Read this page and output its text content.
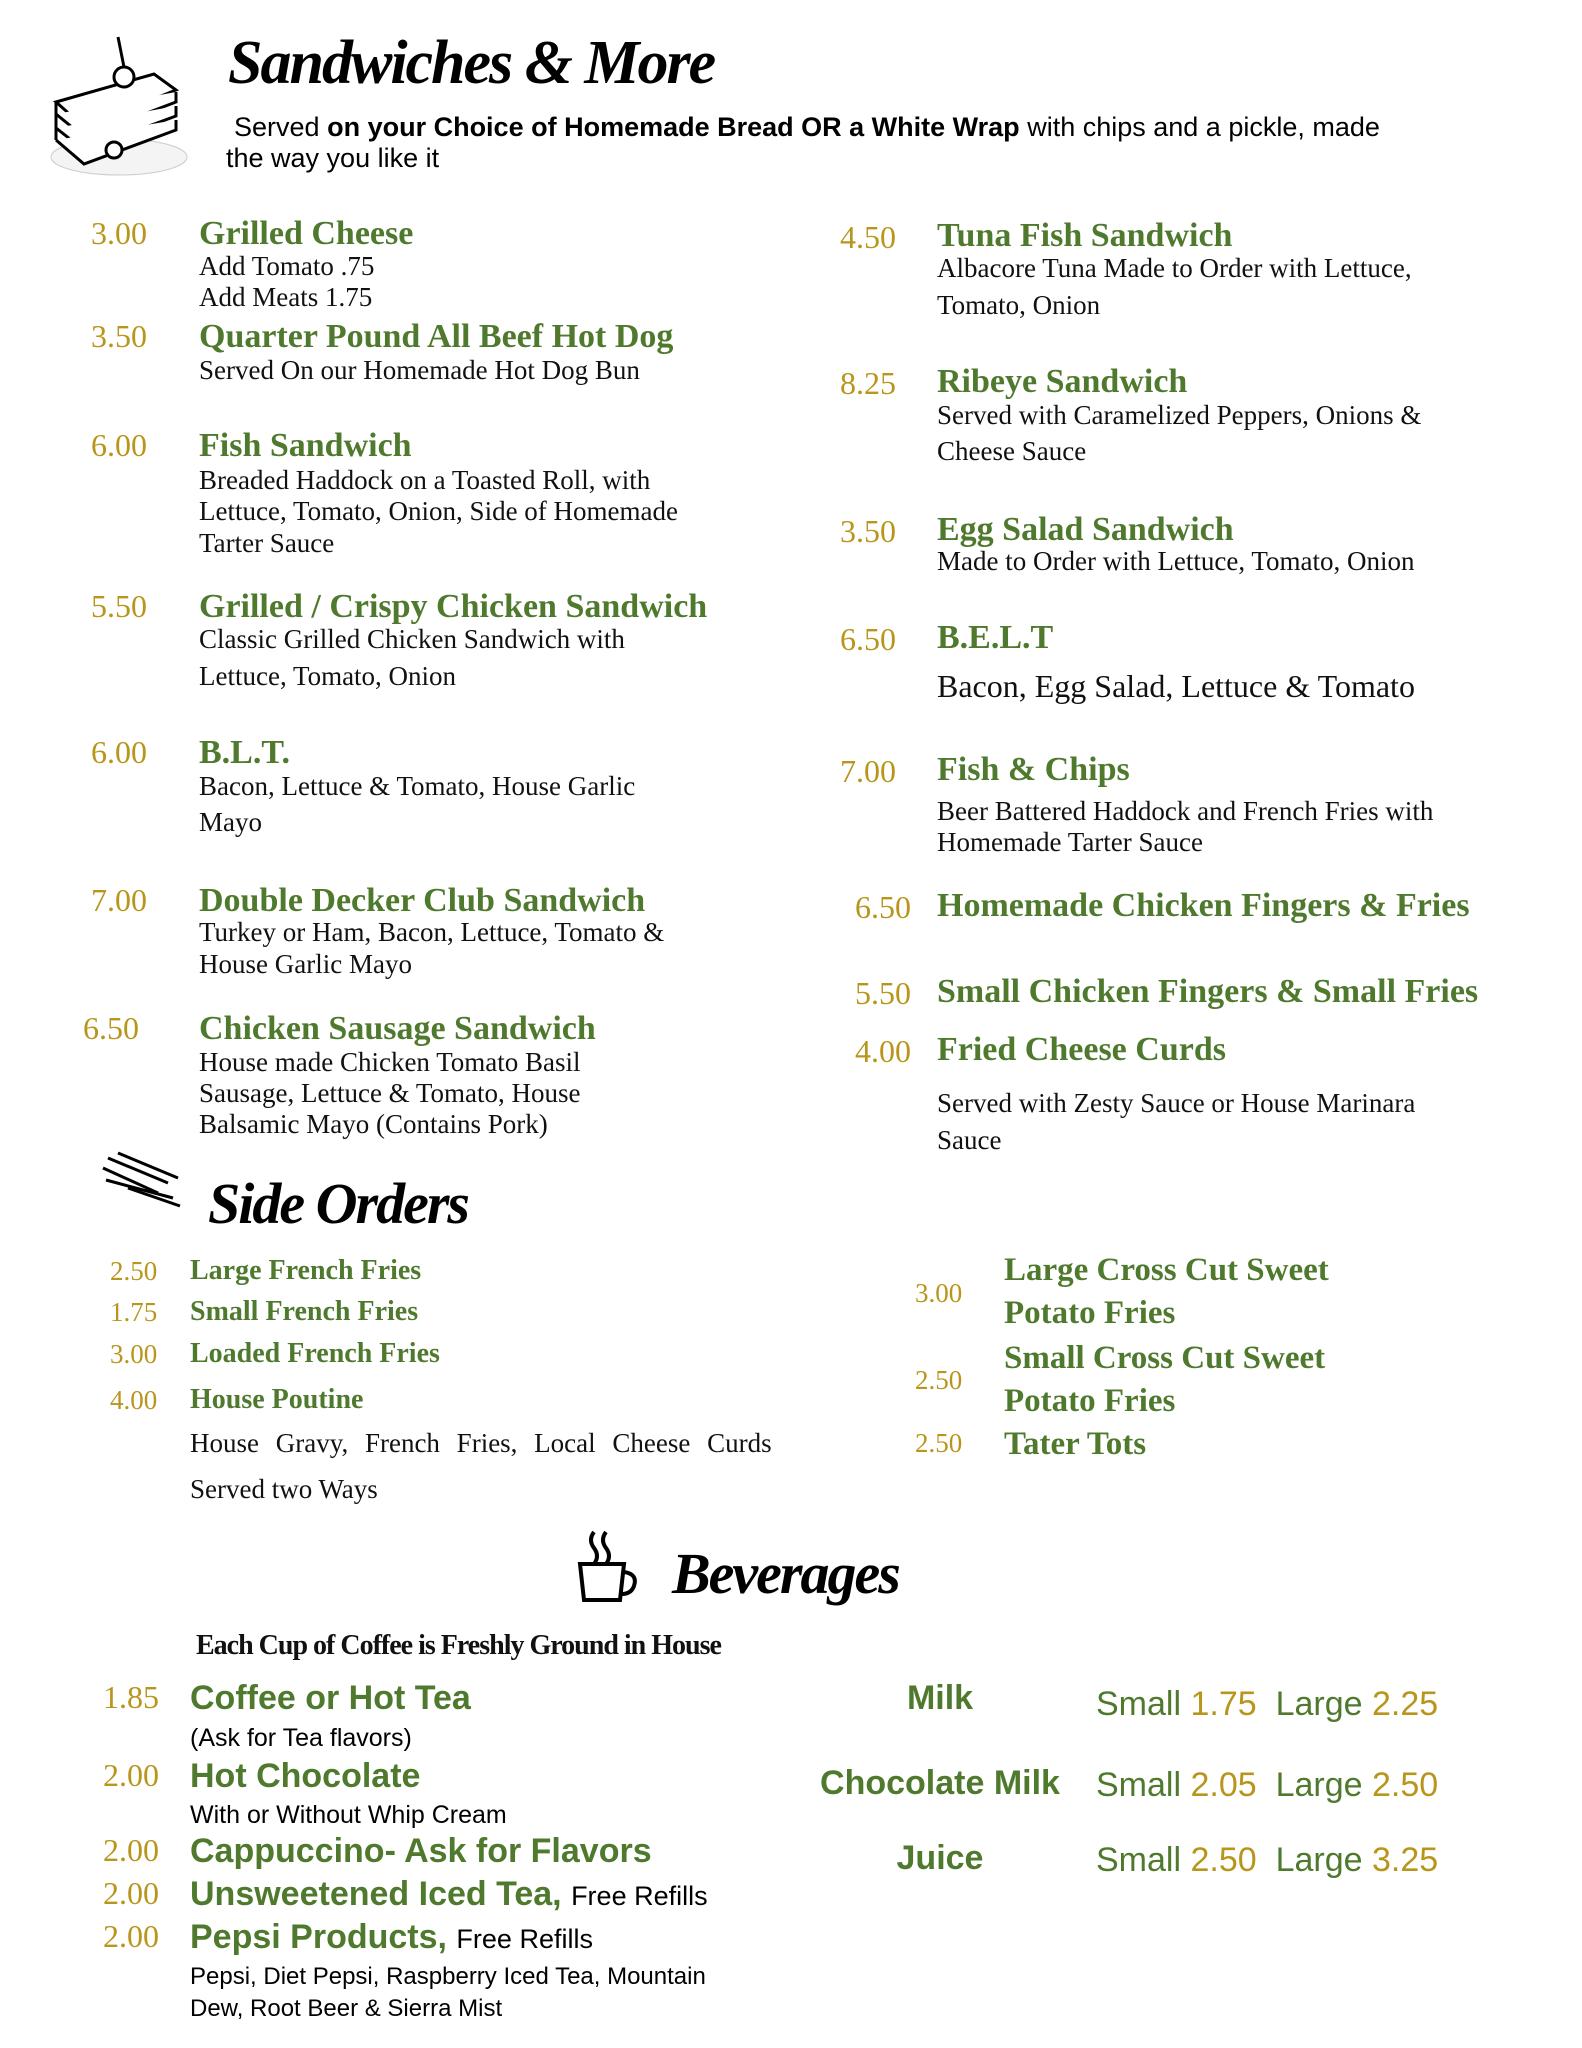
Sandwiches & More
Served on your Choice of Homemade Bread OR a White Wrap with chips and a pickle, made
the way you like it
Side Orders
Beverages
Each Cup of Coffee is Freshly Ground in House
3.00 Grilled Cheese
Add Tomato .75
Add Meats 1.75
3.50 Quarter Pound All Beef Hot Dog
Served On our Homemade Hot Dog Bun
6.00 Fish Sandwich
Breaded Haddock on a Toasted Roll, with
Lettuce, Tomato, Onion, Side of Homemade
Tarter Sauce
5.50 Grilled / Crispy Chicken Sandwich
Classic Grilled Chicken Sandwich with
Lettuce, Tomato, Onion
6.00 B.L.T.
Bacon, Lettuce & Tomato, House Garlic
Mayo
7.00 Double Decker Club Sandwich
Turkey or Ham, Bacon, Lettuce, Tomato &
House Garlic Mayo
6.50 Chicken Sausage Sandwich
House made Chicken Tomato Basil
Sausage, Lettuce & Tomato, House
Balsamic Mayo (Contains Pork)
4.50 Tuna Fish Sandwich
Albacore Tuna Made to Order with Lettuce,
Tomato, Onion
8.25 Ribeye Sandwich
Served with Caramelized Peppers, Onions &
Cheese Sauce
3.50 Egg Salad Sandwich
Made to Order with Lettuce, Tomato, Onion
6.50 B.E.L.T
Bacon, Egg Salad, Lettuce & Tomato
7.00 Fish & Chips
Beer Battered Haddock and French Fries with
Homemade Tarter Sauce
6.50 Homemade Chicken Fingers & Fries
5.50 Small Chicken Fingers & Small Fries
4.00 Fried Cheese Curds
Served with Zesty Sauce or House Marinara
Sauce
2.50 Large French Fries
1.75 Small French Fries
3.00 Loaded French Fries
4.00 House Poutine
House Gravy, French Fries, Local Cheese Curds
Served two Ways
3.00
Large Cross Cut Sweet
Potato Fries
2.50
Small Cross Cut Sweet
Potato Fries
2.50 Tater Tots
1.85 Coffee or Hot Tea
(Ask for Tea flavors)
2.00 Hot Chocolate
With or Without Whip Cream
2.00 Cappuccino- Ask for Flavors
2.00 Unsweetened Iced Tea, Free Refills
2.00 Pepsi Products, Free Refills
Pepsi, Diet Pepsi, Raspberry Iced Tea, Mountain
Dew, Root Beer & Sierra Mist
Milk	Small 1.75 Large 2.25
Chocolate Milk Small 2.05 Large 2.50
Juice	Small 2.50 Large 3.25
